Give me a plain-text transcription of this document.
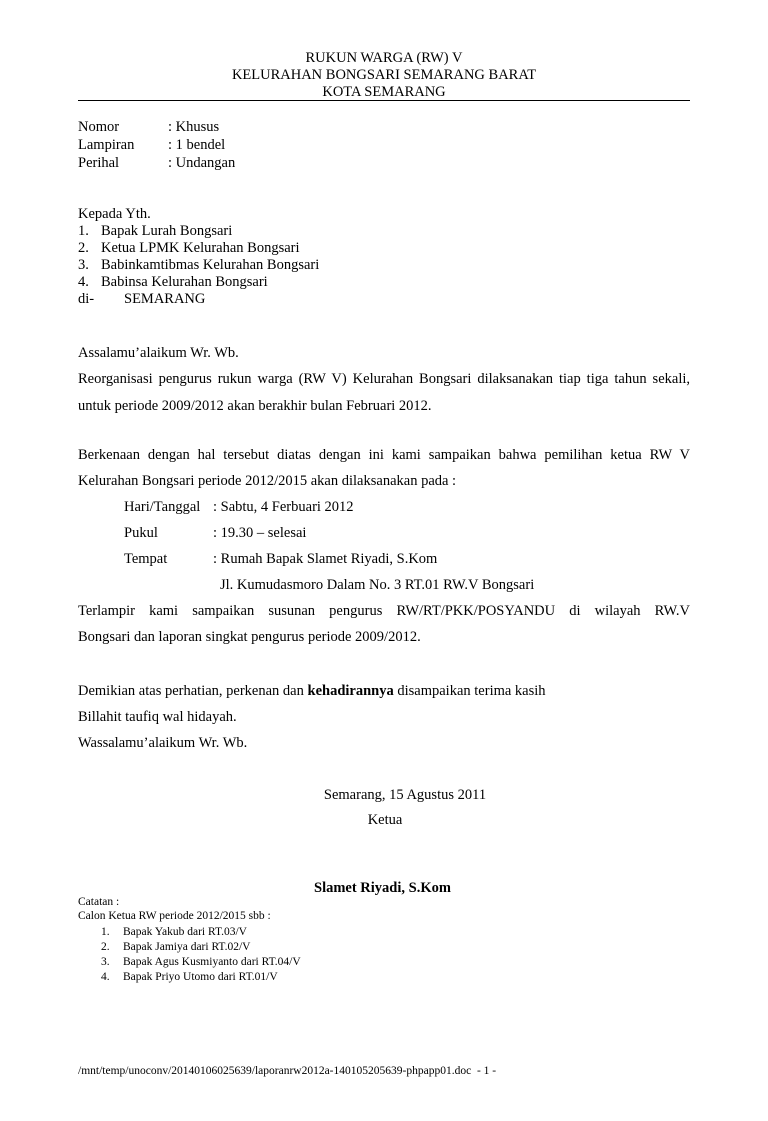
RUKUN WARGA (RW) V
KELURAHAN BONGSARI SEMARANG BARAT
KOTA SEMARANG
Nomor	: Khusus
Lampiran : 1 bendel
Perihal	: Undangan
Kepada Yth.
1. Bapak Lurah Bongsari
2. Ketua LPMK Kelurahan Bongsari
3. Babinkamtibmas Kelurahan Bongsari
4. Babinsa Kelurahan Bongsari
di- SEMARANG
Assalamu’alaikum Wr. Wb.
Reorganisasi pengurus rukun warga (RW V) Kelurahan Bongsari dilaksanakan tiap tiga tahun sekali,
untuk periode 2009/2012 akan berakhir bulan Februari 2012.
Berkenaan dengan hal tersebut diatas dengan ini kami sampaikan bahwa pemilihan ketua RW V
Kelurahan Bongsari periode 2012/2015 akan dilaksanakan pada :
Hari/Tanggal : Sabtu, 4 Ferbuari 2012
Pukul	: 19.30 – selesai
Tempat	: Rumah Bapak Slamet Riyadi, S.Kom
Jl. Kumudasmoro Dalam No. 3 RT.01 RW.V Bongsari
Terlampir kami sampaikan susunan pengurus RW/RT/PKK/POSYANDU di wilayah RW.V
Bongsari dan laporan singkat pengurus periode 2009/2012.
Demikian atas perhatian, perkenan dan kehadirannya disampaikan terima kasih
Billahit taufiq wal hidayah.
Wassalamu’alaikum Wr. Wb.
Semarang, 15 Agustus 2011
Ketua
Slamet Riyadi, S.Kom
Catatan :
Calon Ketua RW periode 2012/2015 sbb :
1. Bapak Yakub dari RT.03/V
2. Bapak Jamiya dari RT.02/V
3. Bapak Agus Kusmiyanto dari RT.04/V
4. Bapak Priyo Utomo dari RT.01/V
/mnt/temp/unoconv/20140106025639/laporanrw2012a-140105205639-phpapp01.doc - 1 -
